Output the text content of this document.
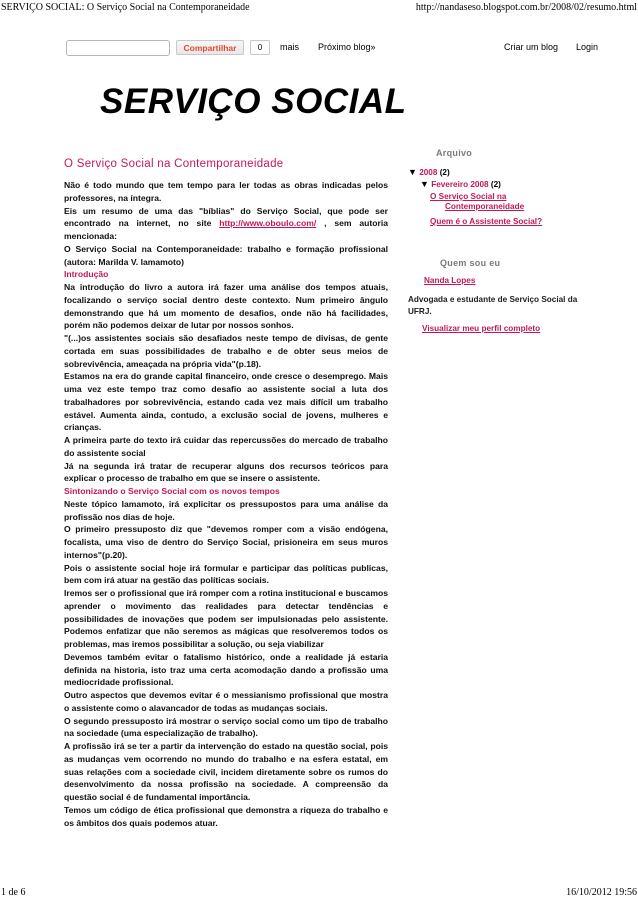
SERVIÇO SOCIAL: O Serviço Social na Contemporaneidade	http://nandaseso.blogspot.com.br/2008/02/resumo.html
Compartilhar	0	mais Próximo blog»	Criar um blog Login
SERVIÇO SOCIAL
O Serviço Social na Contemporaneidade

Não é todo mundo que tem tempo para ler todas as obras indicadas pelos professores, na íntegra.

Eis um resumo de uma das "bíblias" do Serviço Social, que pode ser encontrado na internet, no site http://www.oboulo.com/ , sem autoria mencionada:

O Serviço Social na Contemporaneidade: trabalho e formação profissional (autora: Marilda V. Iamamoto)

Introdução

Na introdução do livro a autora irá fazer uma análise dos tempos atuais, focalizando o serviço social dentro deste contexto. Num primeiro ângulo demonstrando que há um momento de desafios, onde não há facilidades, porém não podemos deixar de lutar por nossos sonhos.

"(...)os assistentes sociais são desafiados neste tempo de divisas, de gente cortada em suas possibilidades de trabalho e de obter seus meios de sobrevivência, ameaçada na própria vida"(p.18).

Estamos na era do grande capital financeiro, onde cresce o desemprego. Mais uma vez este tempo traz como desafio ao assistente social a luta dos trabalhadores por sobrevivência, estando cada vez mais difícil um trabalho estável. Aumenta ainda, contudo, a exclusão social de jovens, mulheres e crianças.

A primeira parte do texto irá cuidar das repercussões do mercado de trabalho do assistente social

Já na segunda irá tratar de recuperar alguns dos recursos teóricos para explicar o processo de trabalho em que se insere o assistente.

Sintonizando o Serviço Social com os novos tempos

Neste tópico Iamamoto, irá explicitar os pressupostos para uma análise da profissão nos dias de hoje.

O primeiro pressuposto diz que "devemos romper com a visão endógena, focalista, uma viso de dentro do Serviço Social, prisioneira em seus muros internos"(p.20).

Pois o assistente social hoje irá formular e participar das políticas publicas, bem com irá atuar na gestão das políticas sociais.

Iremos ser o profissional que irá romper com a rotina institucional e buscamos aprender o movimento das realidades para detectar tendências e possibilidades de inovações que podem ser impulsionadas pelo assistente. Podemos enfatizar que não seremos as mágicas que resolveremos todos os problemas, mas iremos possibilitar a solução, ou seja viabilizar

Devemos também evitar o fatalismo histórico, onde a realidade já estaria definida na historia, isto traz uma certa acomodação dando a profissão uma mediocridade profissional.

Outro aspectos que devemos evitar é o messianismo profissional que mostra o assistente como o alavancador de todas as mudanças sociais.

O segundo pressuposto irá mostrar o serviço social como um tipo de trabalho na sociedade (uma especialização de trabalho).

A profissão irá se ter a partir da intervenção do estado na questão social, pois as mudanças vem ocorrendo no mundo do trabalho e na esfera estatal, em suas relações com a sociedade civil, incidem diretamente sobre os rumos do desenvolvimento da nossa profissão na sociedade. A compreensão da questão social é de fundamental importância.

Temos um código de ética profissional que demonstra a riqueza do trabalho e os âmbitos dos quais podemos atuar.

Arquivo
▼ 2008 (2)
▼ Fevereiro 2008 (2)
O Serviço Social na
Contemporaneidade
Quem é o Assistente Social?
Quem sou eu
Nanda Lopes
Advogada e estudante de Serviço Social da UFRJ.
Visualizar meu perfil completo
1 de 6	16/10/2012 19:56
